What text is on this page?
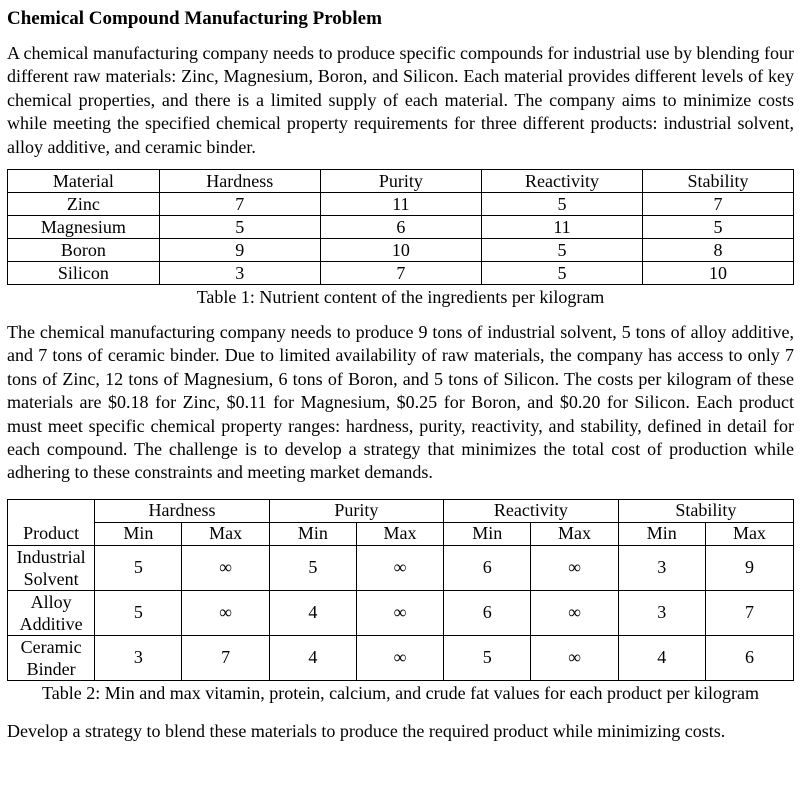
Chemical Compound Manufacturing Problem

A chemical manufacturing company needs to produce specific compounds for industrial use by blending four different raw materials: Zinc, Magnesium, Boron, and Silicon. Each material provides different levels of key chemical properties, and there is a limited supply of each material. The company aims to minimize costs while meeting the specified chemical property requirements for three different products: industrial solvent, alloy additive, and ceramic binder.

Material	Hardness	Purity	Reactivity	Stability
Zinc	7	11	5	7
Magnesium	5	6	11	5
Boron	9	10	5	8
Silicon	3	7	5	10
Table 1: Nutrient content of the ingredients per kilogram

The chemical manufacturing company needs to produce 9 tons of industrial solvent, 5 tons of alloy additive, and 7 tons of ceramic binder. Due to limited availability of raw materials, the company has access to only 7 tons of Zinc, 12 tons of Magnesium, 6 tons of Boron, and 5 tons of Silicon. The costs per kilogram of these materials are $0.18 for Zinc, $0.11 for Magnesium, $0.25 for Boron, and $0.20 for Silicon. Each product must meet specific chemical property ranges: hardness, purity, reactivity, and stability, defined in detail for each compound. The challenge is to develop a strategy that minimizes the total cost of production while adhering to these constraints and meeting market demands.

	Hardness		Purity		Reactivity		Stability	
Product	Min	Max	Min	Max	Min	Max	Min	Max
Industrial
Solvent	5	∞	5	∞	6	∞	3	9
Alloy
Additive	5	∞	4	∞	6	∞	3	7
Ceramic
Binder	3	7	4	∞	5	∞	4	6
Table 2: Min and max vitamin, protein, calcium, and crude fat values for each product per kilogram

Develop a strategy to blend these materials to produce the required product while minimizing costs.
